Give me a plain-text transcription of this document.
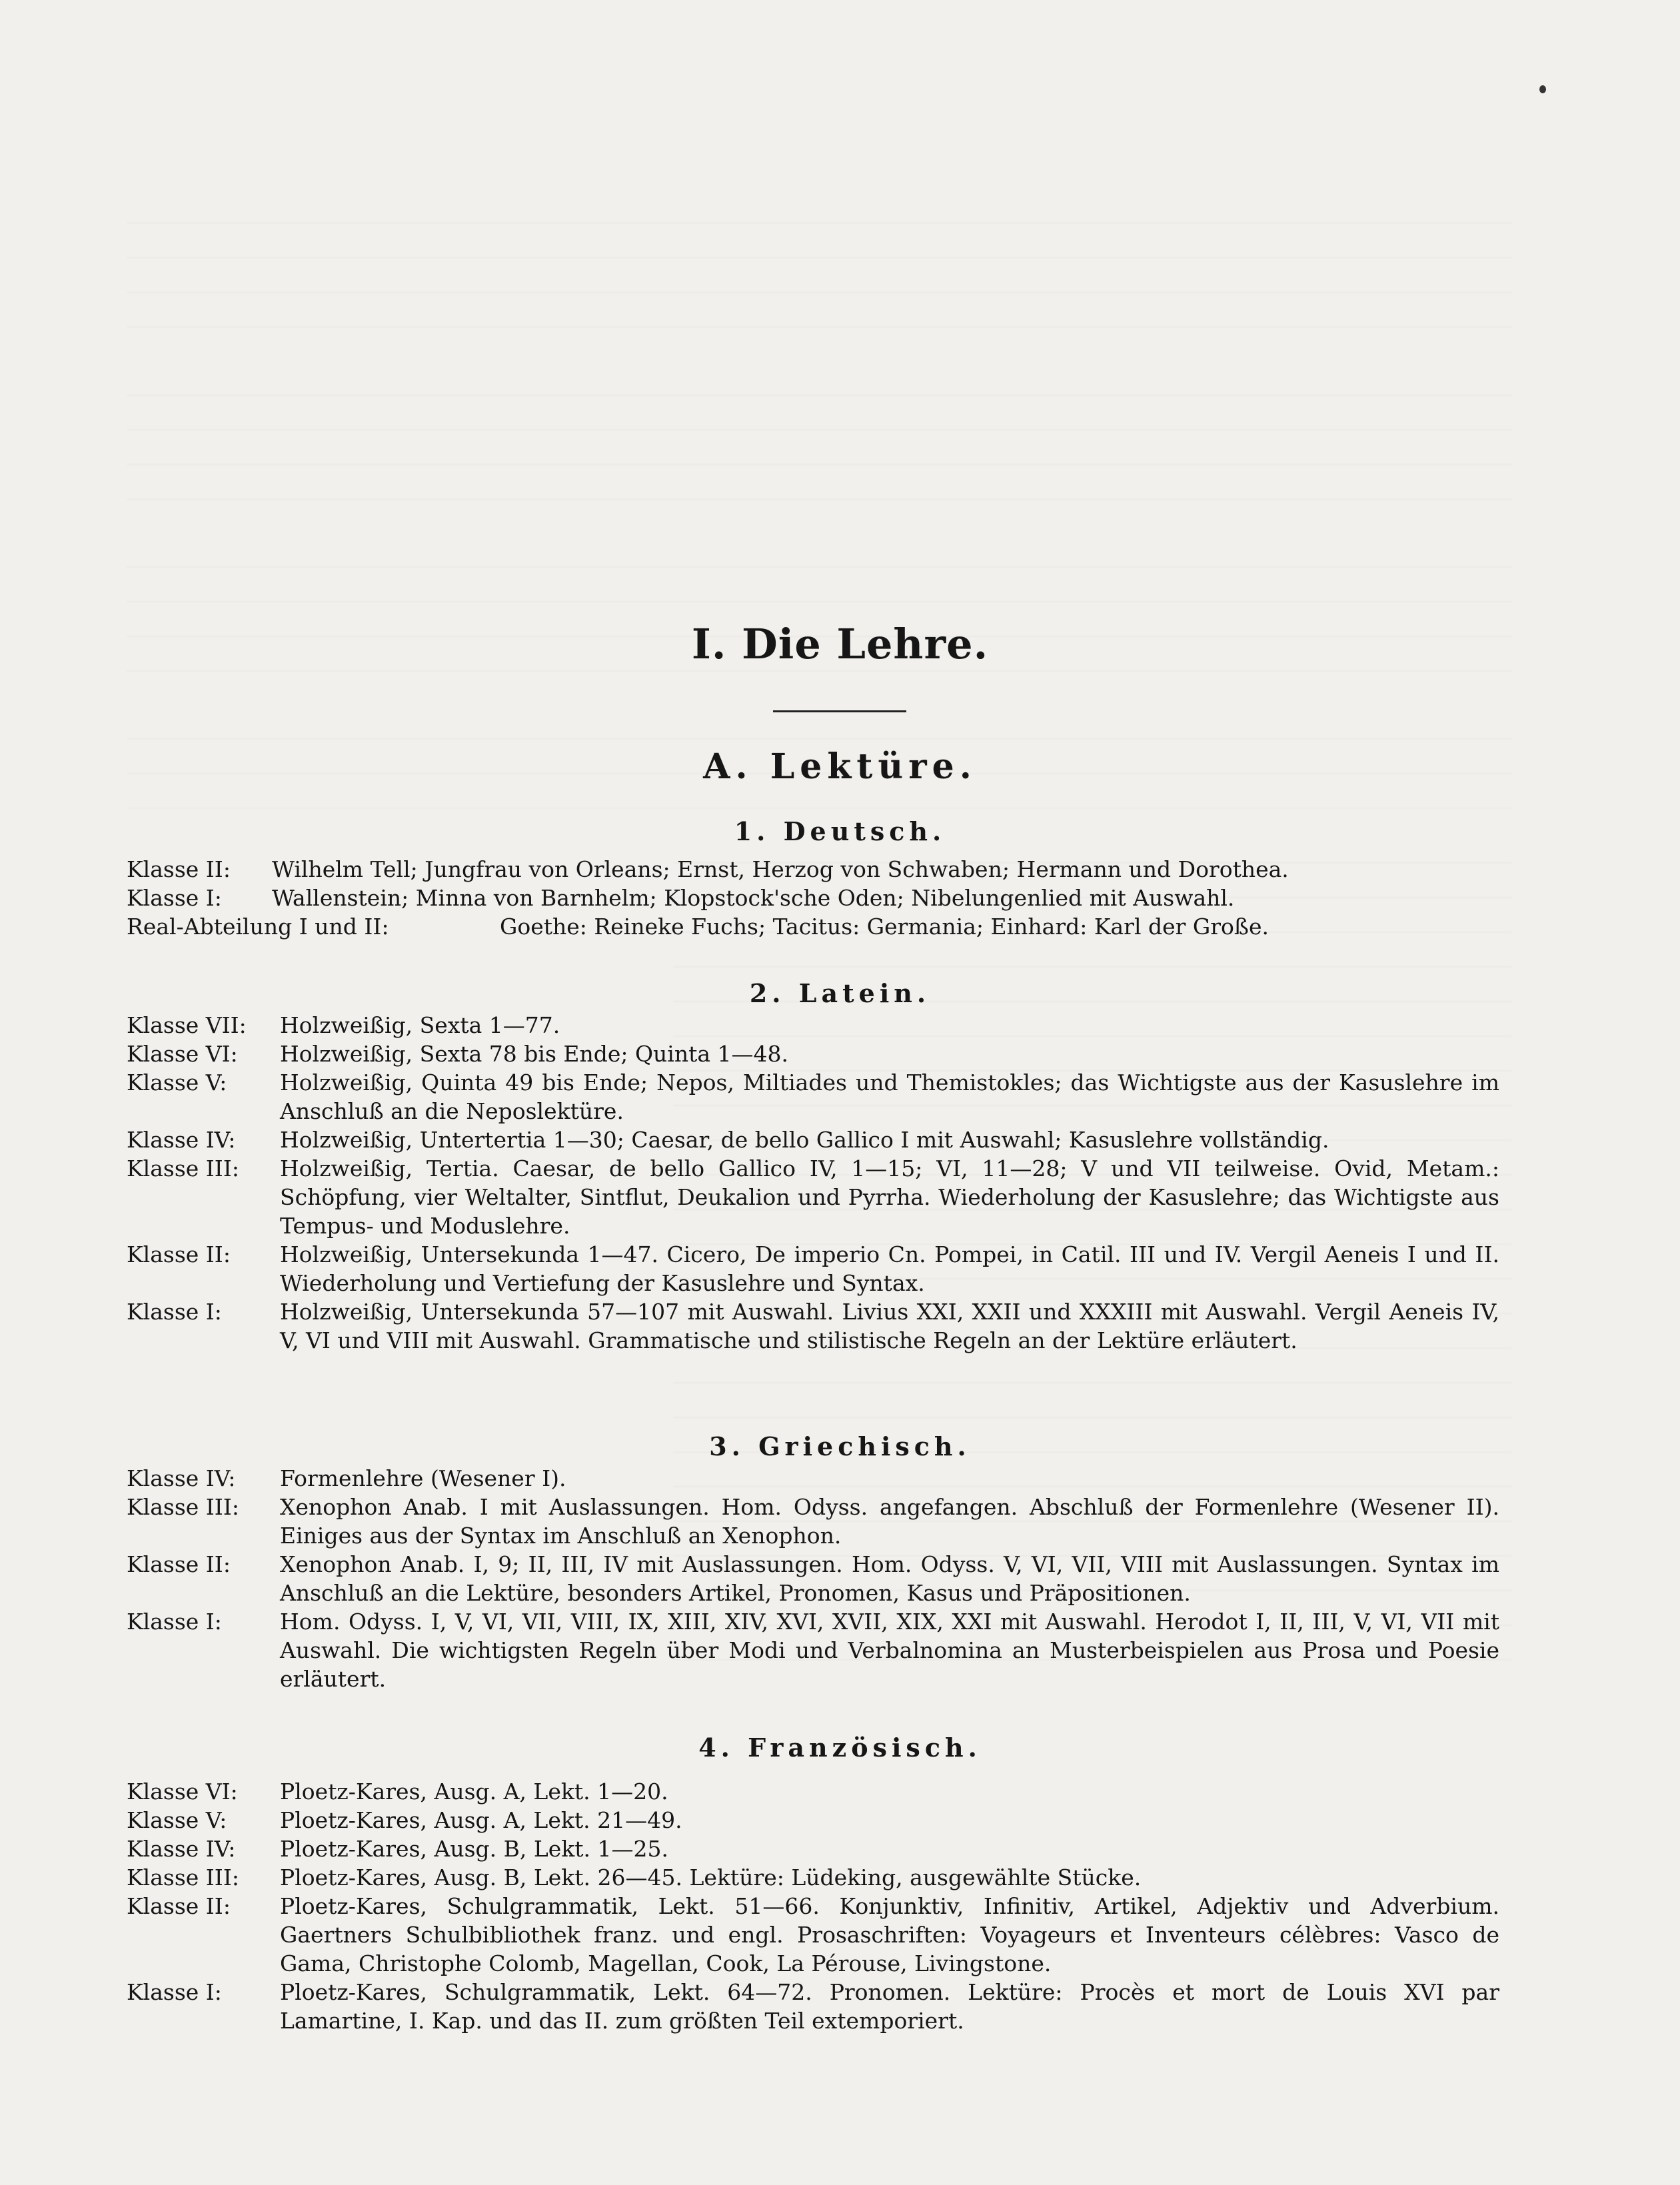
I. Die Lehre.
A. Lektüre.
1. Deutsch.
Klasse II:	Wilhelm Tell; Jungfrau von Orleans; Ernst, Herzog von Schwaben; Hermann und Dorothea.
Klasse I:	Wallenstein; Minna von Barnhelm; Klopstock'sche Oden; Nibelungenlied mit Auswahl.
Real-Abteilung I und II:	Goethe: Reineke Fuchs; Tacitus: Germania; Einhard: Karl der Große.
2. Latein.
Klasse VII:	Holzweißig, Sexta 1—77.
Klasse VI:	Holzweißig, Sexta 78 bis Ende; Quinta 1—48.
Klasse V:	Holzweißig, Quinta 49 bis Ende; Nepos, Miltiades und Themistokles; das Wichtigste aus der Kasuslehre im Anschluß an die Neposlektüre.
Klasse IV:	Holzweißig, Untertertia 1—30; Caesar, de bello Gallico I mit Auswahl; Kasuslehre vollständig.
Klasse III:	Holzweißig, Tertia. Caesar, de bello Gallico IV, 1—15; VI, 11—28; V und VII teilweise. Ovid, Metam.: Schöpfung, vier Weltalter, Sintflut, Deukalion und Pyrrha. Wiederholung der Kasuslehre; das Wichtigste aus Tempus- und Moduslehre.
Klasse II:	Holzweißig, Untersekunda 1—47. Cicero, De imperio Cn. Pompei, in Catil. III und IV. Vergil Aeneis I und II. Wiederholung und Vertiefung der Kasuslehre und Syntax.
Klasse I:	Holzweißig, Untersekunda 57—107 mit Auswahl. Livius XXI, XXII und XXXIII mit Auswahl. Vergil Aeneis IV, V, VI und VIII mit Auswahl. Grammatische und stilistische Regeln an der Lektüre erläutert.
3. Griechisch.
Klasse IV:	Formenlehre (Wesener I).
Klasse III:	Xenophon Anab. I mit Auslassungen. Hom. Odyss. angefangen. Abschluß der Formenlehre (Wesener II). Einiges aus der Syntax im Anschluß an Xenophon.
Klasse II:	Xenophon Anab. I, 9; II, III, IV mit Auslassungen. Hom. Odyss. V, VI, VII, VIII mit Auslassungen. Syntax im Anschluß an die Lektüre, besonders Artikel, Pronomen, Kasus und Präpositionen.
Klasse I:	Hom. Odyss. I, V, VI, VII, VIII, IX, XIII, XIV, XVI, XVII, XIX, XXI mit Auswahl. Herodot I, II, III, V, VI, VII mit Auswahl. Die wichtigsten Regeln über Modi und Verbalnomina an Musterbeispielen aus Prosa und Poesie erläutert.
4. Französisch.
Klasse VI:	Ploetz-Kares, Ausg. A, Lekt. 1—20.
Klasse V:	Ploetz-Kares, Ausg. A, Lekt. 21—49.
Klasse IV:	Ploetz-Kares, Ausg. B, Lekt. 1—25.
Klasse III:	Ploetz-Kares, Ausg. B, Lekt. 26—45. Lektüre: Lüdeking, ausgewählte Stücke.
Klasse II:	Ploetz-Kares, Schulgrammatik, Lekt. 51—66. Konjunktiv, Infinitiv, Artikel, Adjektiv und Adverbium. Gaertners Schulbibliothek franz. und engl. Prosaschriften: Voyageurs et Inventeurs célèbres: Vasco de Gama, Christophe Colomb, Magellan, Cook, La Pérouse, Livingstone.
Klasse I:	Ploetz-Kares, Schulgrammatik, Lekt. 64—72. Pronomen. Lektüre: Procès et mort de Louis XVI par Lamartine, I. Kap. und das II. zum größten Teil extemporiert.
